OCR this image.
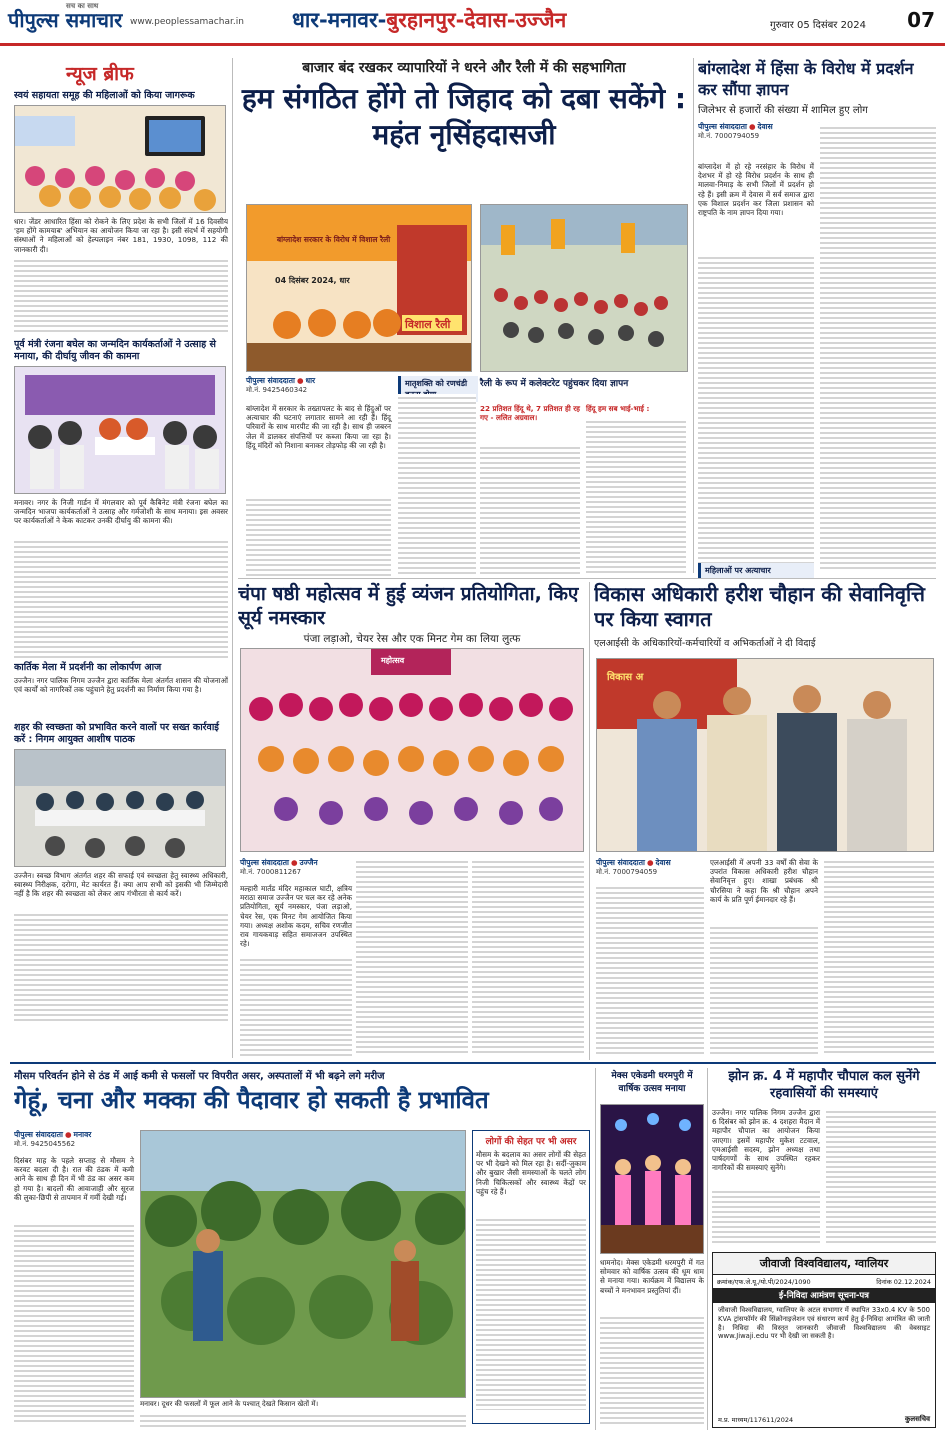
पीपुल्स समाचार
सच का साथ
www.peoplessamachar.in धार-मनावर-बुरहानपुर-देवास-उज्जैन	गुरुवार 05 दिसंबर 2024 07
न्यूज ब्रीफ
स्वयं सहायता समूह की महिलाओं को किया जागरूक

धार। जेंडर आधारित हिंसा को रोकने के लिए प्रदेश के सभी जिलों में 16 दिवसीय 'हम होंगे कामयाब' अभियान का आयोजन किया जा रहा है। इसी संदर्भ में सहयोगी संस्थाओं ने महिलाओं को हेल्पलाइन नंबर 181, 1930, 1098, 112 की जानकारी दी।

पूर्व मंत्री रंजना बघेल का जन्मदिन कार्यकर्ताओं ने उत्साह से मनाया, की दीर्घायु जीवन की कामना

मनावर। नगर के निजी गार्डन में मंगलवार को पूर्व कैबिनेट मंत्री रंजना बघेल का जन्मदिन भाजपा कार्यकर्ताओं ने उत्साह और गर्मजोशी के साथ मनाया। इस अवसर पर कार्यकर्ताओं ने केक काटकर उनकी दीर्घायु की कामना की।

कार्तिक मेला में प्रदर्शनी का लोकार्पण आज

उज्जैन। नगर पालिक निगम उज्जैन द्वारा कार्तिक मेला अंतर्गत शासन की योजनाओं एवं कार्यों को नागरिकों तक पहुंचाने हेतु प्रदर्शनी का निर्माण किया गया है।

शहर की स्वच्छता को प्रभावित करने वालों पर सख्त कार्रवाई करें : निगम आयुक्त आशीष पाठक

उज्जैन। स्वच्छ विभाग अंतर्गत शहर की सफाई एवं स्वच्छता हेतु स्वास्थ्य अधिकारी, स्वास्थ्य निरीक्षक, दरोगा, मेट कार्यरत हैं। क्या आप सभी को इसकी भी जिम्मेदारी नहीं है कि शहर की स्वच्छता को लेकर आप गंभीरता से कार्य करें।

बाजार बंद रखकर व्यापारियों ने धरने और रैली में की सहभागिता
हम संगठित होंगे तो जिहाद को दबा सकेंगे : महंत नृसिंहदासजी
बांग्लादेश सरकार के विरोध में विशाल रैली
04 दिसंबर 2024, धार
विशाल रैली
पीपुल्स संवाददाता ● धार
मो.नं. 9425460342
रैली के रूप में कलेक्टरेट पहुंचकर दिया ज्ञापन
मातृशक्ति को रणचंडी

बांग्लादेश में सरकार के तख्तापलट के बाद से हिंदुओं पर अत्याचार की घटनाएं लगातार सामने आ रही हैं। हिंदू परिवारों के साथ मारपीट की जा रही है। साथ ही जबरन जेल में डालकर संपत्तियों पर कब्जा किया जा रहा है। हिंदू मंदिरों को निशाना बनाकर तोड़फोड़ की जा रही है।

22 प्रतिशत हिंदू थे, 7 प्रतिशत ही रह गए - ललित अग्रवाल।

हिंदू हम सब भाई-भाई :

बांग्लादेश में हिंसा के विरोध में प्रदर्शन कर सौंपा ज्ञापन
जिलेभर से हजारों की संख्या में शामिल हुए लोग
पीपुल्स संवाददाता ● देवास
मो.नं. 7000794059

बांग्लादेश में हो रहे नरसंहार के विरोध में देशभर में हो रहे विरोध प्रदर्शन के साथ ही मालवा-निमाड़ के सभी जिलों में प्रदर्शन हो रहे हैं। इसी क्रम में देवास में सर्व समाज द्वारा एक विशाल प्रदर्शन कर जिला प्रशासन को राष्ट्रपति के नाम ज्ञापन दिया गया।

महिलाओं पर अत्याचार
चंपा षष्ठी महोत्सव में हुई व्यंजन प्रतियोगिता, किए सूर्य नमस्कार
पंजा लड़ाओ, चेयर रेस और एक मिनट गेम का लिया लुत्फ
महोत्सव
पीपुल्स संवाददाता ● उज्जैन
मो.नं. 7000811267

मल्हारी मार्तंड मंदिर महाकाल घाटी, क्षत्रिय मराठा समाज उज्जैन पर चल कर रहे अनेक प्रतियोगिता, सूर्य नमस्कार, पंजा लड़ाओ, चेयर रेस, एक मिनट गेम आयोजित किया गया। अध्यक्ष अशोक कदम, सचिव रणजीत राव गायकवाड़ सहित समाजजन उपस्थित रहे।

विकास अधिकारी हरीश चौहान की सेवानिवृत्ति पर किया स्वागत
एलआईसी के अधिकारियों-कर्मचारियों व अभिकर्ताओं ने दी विदाई
विकास अ
पीपुल्स संवाददाता ● देवास
मो.नं. 7000794059

एलआईसी में अपनी 33 वर्षों की सेवा के उपरांत विकास अधिकारी हरीश चौहान सेवानिवृत्त हुए। शाखा प्रबंधक श्री चौरसिया ने कहा कि श्री चौहान अपने कार्य के प्रति पूर्ण ईमानदार रहे हैं।

मौसम परिवर्तन होने से ठंड में आई कमी से फसलों पर विपरीत असर, अस्पतालों में भी बढ़ने लगे मरीज
गेहूं, चना और मक्का की पैदावार हो सकती है प्रभावित
पीपुल्स संवाददाता ● मनावर
मो.नं. 9425045562

दिसंबर माह के पहले सप्ताह से मौसम ने करवट बदला दी है। रात की ठंडक में कमी आने के साथ ही दिन में भी ठंड का असर कम हो गया है। बादलों की आवाजाही और सूरज की लुका-छिपी से तापमान में गर्मी देखी गई।

मनावर। दूधर की फसलों में फूल आने के पश्चात् देखते किसान खेतों में।
लोगों की सेहत पर भी असर

मौसम के बदलाव का असर लोगों की सेहत पर भी देखने को मिल रहा है। सर्दी-जुकाम और बुखार जैसी समस्याओं के चलते लोग निजी चिकित्सकों और स्वास्थ्य केंद्रों पर पहुंच रहे हैं।

मेक्स एकेडमी धरमपुरी में वार्षिक उत्सव मनाया

धामनोद। मेक्स एकेडमी धरमपुरी में गत सोमवार को वार्षिक उत्सव की धूम धाम से मनाया गया। कार्यक्रम में विद्यालय के बच्चों ने मनभावन प्रस्तुतियां दीं।

झोन क्र. 4 में महापौर चौपाल कल सुनेंगे रहवासियों की समस्याएं

उज्जैन। नगर पालिक निगम उज्जैन द्वारा 6 दिसंबर को झोन क्र. 4 दशहरा मैदान में महापौर चौपाल का आयोजन किया जाएगा। इसमें महापौर मुकेश टटवाल, एमआईसी सदस्य, झोन अध्यक्ष तथा पार्षदगणों के साथ उपस्थित रहकर नागरिकों की समस्याएं सुनेंगे।

जीवाजी विश्वविद्यालय, ग्वालियर
क्रमांक/एफ.जे.यू./यो.पी/2024/1090	दिनांक 02.12.2024
ई-निविदा आमंत्रण सूचना-पत्र
जीवाजी विश्वविद्यालय, ग्वालियर के अटल सभागार में स्थापित 33x0.4 KV के 500 KVA ट्रांसफॉर्मर की सिंक्रोनाइजेशन एवं संधारण कार्य हेतु ई-निविदा आमंत्रित की जाती है। निविदा की विस्तृत जानकारी जीवाजी विश्वविद्यालय की वेबसाइट www.Jiwaji.edu पर भी देखी जा सकती है।
म.प्र. माध्यम/117611/2024	कुलसचिव
